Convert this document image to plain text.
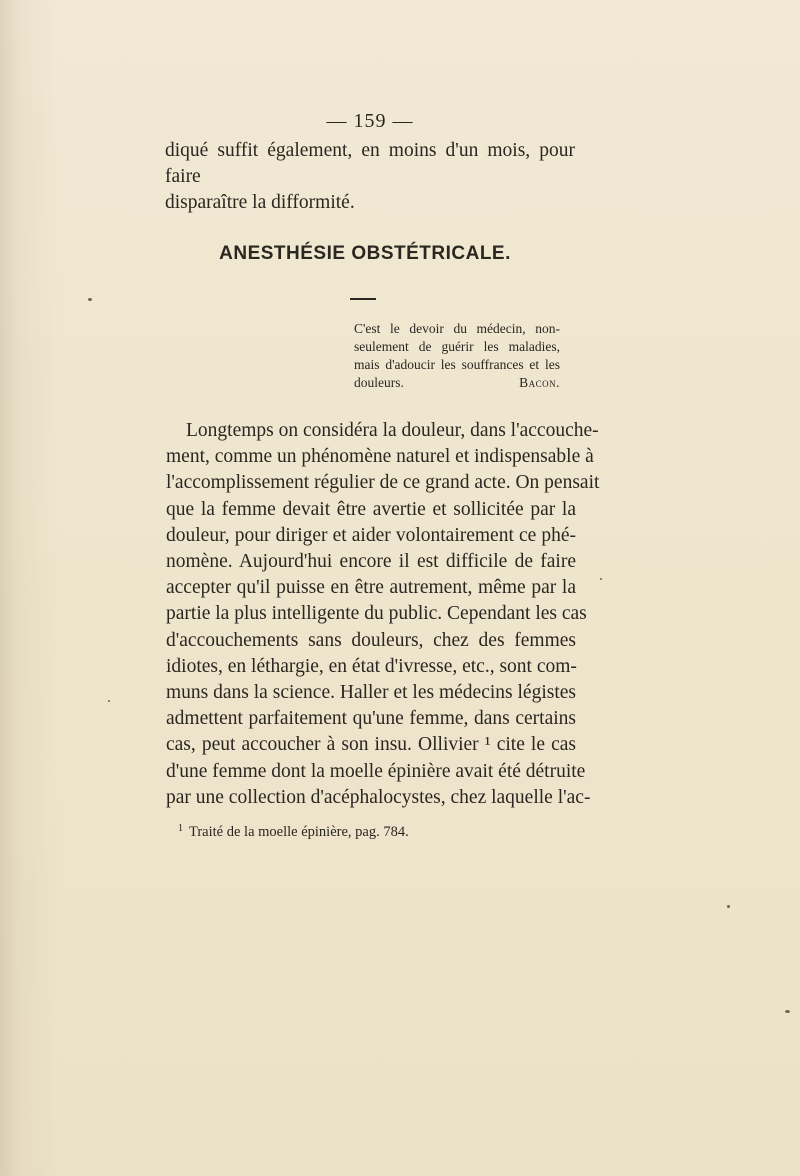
— 159 —

diqué suffit également, en moins d'un mois, pour faire

disparaître la difformité.

ANESTHÉSIE OBSTÉTRICALE.

C'est le devoir du médecin, non-seulement de guérir les maladies, mais d'adoucir les souffrances et les douleurs.	Bacon.
Longtemps on considéra la douleur, dans l'accouche-
ment, comme un phénomène naturel et indispensable à
l'accomplissement régulier de ce grand acte. On pensait
que la femme devait être avertie et sollicitée par la
douleur, pour diriger et aider volontairement ce phé-
nomène. Aujourd'hui encore il est difficile de faire
accepter qu'il puisse en être autrement, même par la
partie la plus intelligente du public. Cependant les cas
d'accouchements sans douleurs, chez des femmes
idiotes, en léthargie, en état d'ivresse, etc., sont com-
muns dans la science. Haller et les médecins légistes
admettent parfaitement qu'une femme, dans certains
cas, peut accoucher à son insu. Ollivier ¹ cite le cas
d'une femme dont la moelle épinière avait été détruite
par une collection d'acéphalocystes, chez laquelle l'ac-
$^1$ Traité de la moelle épinière, pag. 784.
